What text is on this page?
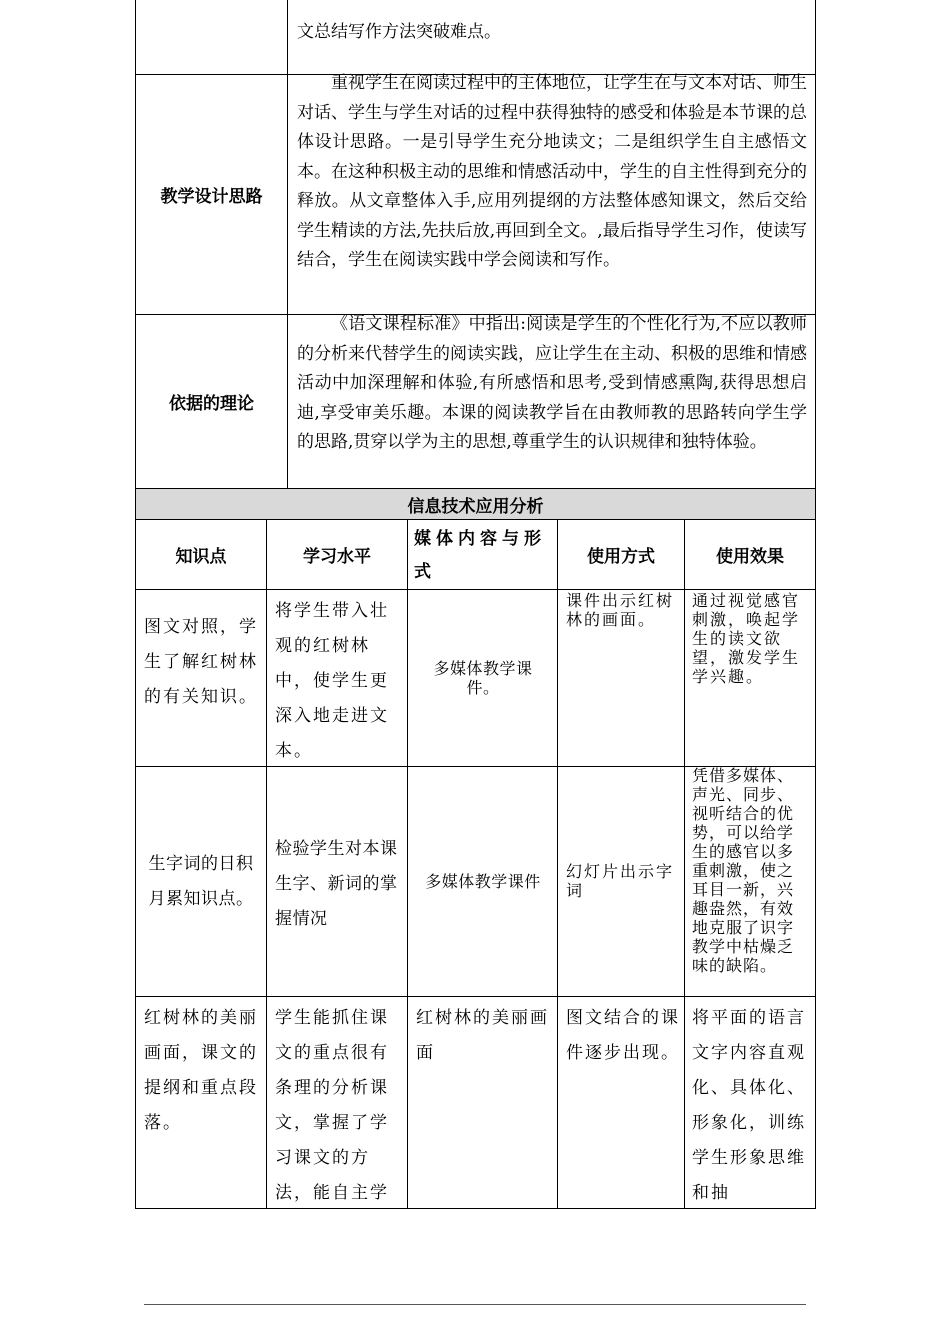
文总结写作方法突破难点。
教学设计思路
重视学生在阅读过程中的主体地位，让学生在与文本对话、师生对话、学生与学生对话的过程中获得独特的感受和体验是本节课的总体设计思路。一是引导学生充分地读文；二是组织学生自主感悟文本。在这种积极主动的思维和情感活动中，学生的自主性得到充分的释放。从文章整体入手,应用列提纲的方法整体感知课文，然后交给学生精读的方法,先扶后放,再回到全文。,最后指导学生习作，使读写结合，学生在阅读实践中学会阅读和写作。
依据的理论
《语文课程标准》中指出:阅读是学生的个性化行为,不应以教师的分析来代替学生的阅读实践，应让学生在主动、积极的思维和情感活动中加深理解和体验,有所感悟和思考,受到情感熏陶,获得思想启迪,享受审美乐趣。本课的阅读教学旨在由教师教的思路转向学生学的思路,贯穿以学为主的思想,尊重学生的认识规律和独特体验。
信息技术应用分析
知识点	学习水平
媒体内容与形式
使用方式	使用效果
图文对照，学生了解红树林的有关知识。
将学生带入壮观的红树林中，使学生更深入地走进文本。
多媒体教学课件。
课件出示红树林的画面。
通过视觉感官刺激，唤起学生的读文欲望，激发学生学兴趣。
生字词的日积月累知识点。
检验学生对本课生字、新词的掌握情况
多媒体教学课件
幻灯片出示字词
凭借多媒体、声光、同步、视听结合的优势，可以给学生的感官以多重刺激，使之耳目一新，兴趣盎然，有效地克服了识字教学中枯燥乏味的缺陷。
红树林的美丽画面，课文的提纲和重点段落。
学生能抓住课文的重点很有条理的分析课文，掌握了学习课文的方法，能自主学
红树林的美丽画面
图文结合的课件逐步出现。
将平面的语言文字内容直观化、具体化、形象化，训练学生形象思维和抽
